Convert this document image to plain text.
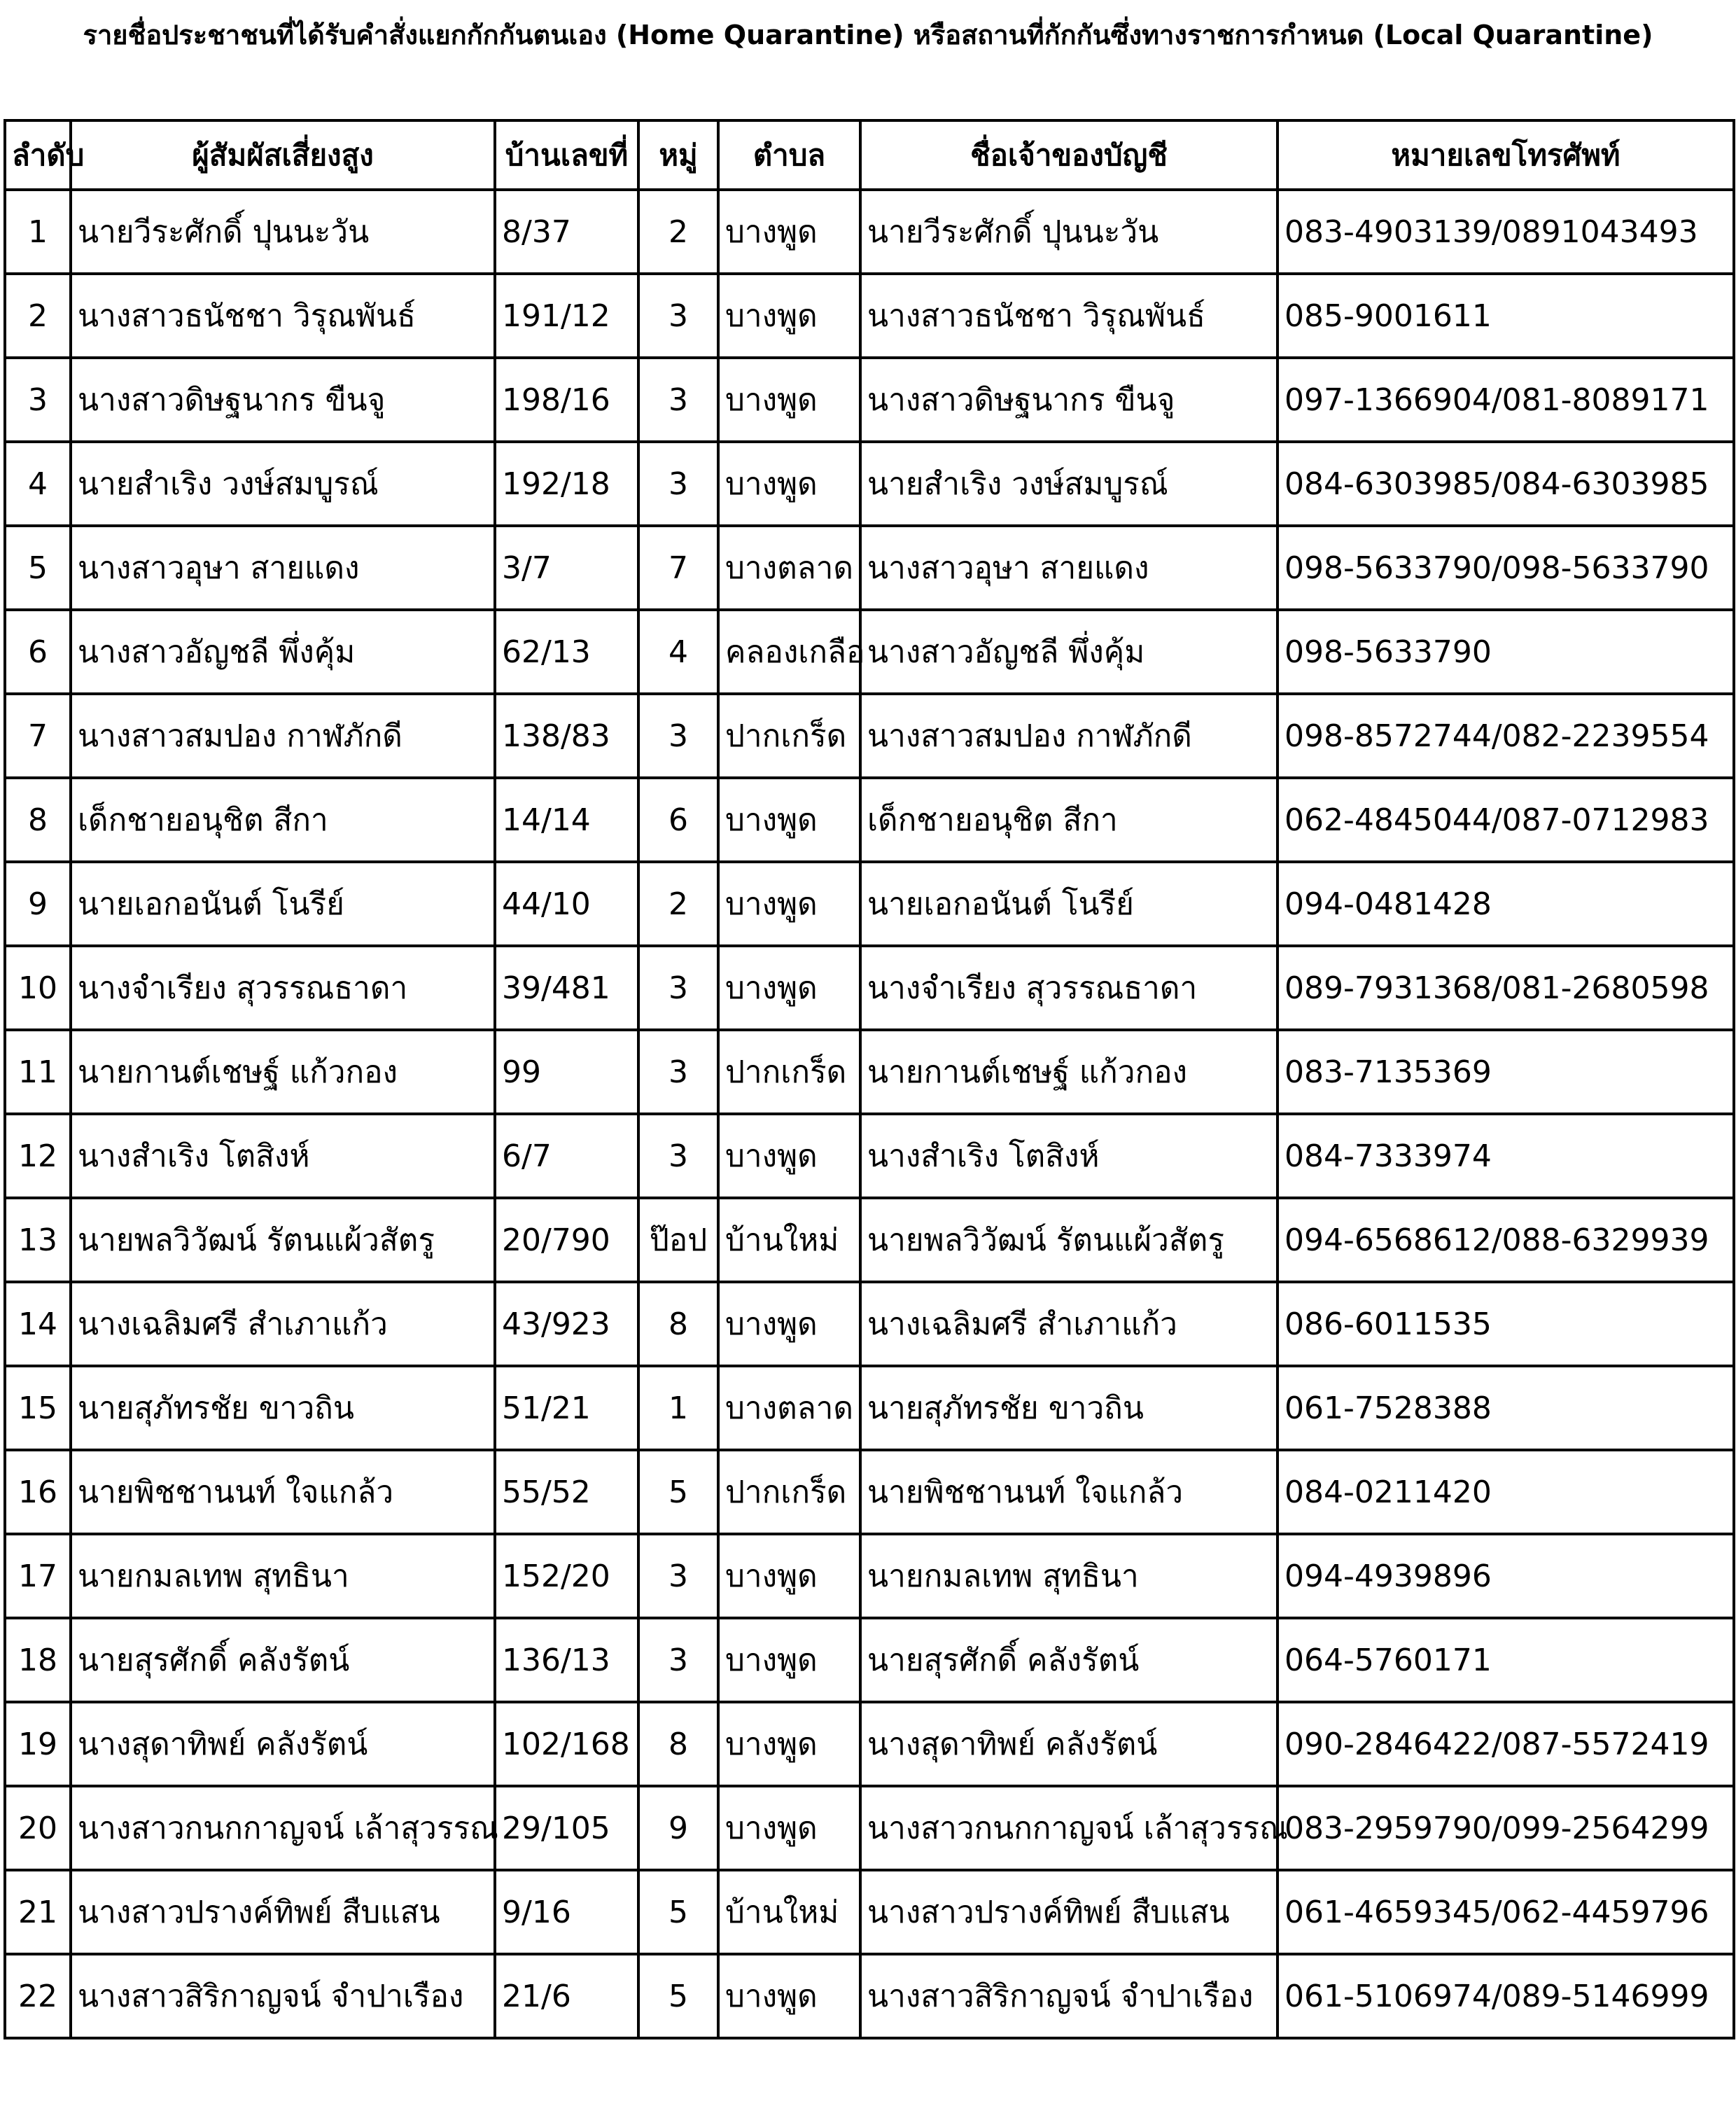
รายชื่อประชาชนที่ได้รับคำสั่งแยกกักกันตนเอง (Home Quarantine) หรือสถานที่กักกันซึ่งทางราชการกำหนด (Local Quarantine)
ลำดับ	ผู้สัมผัสเสี่ยงสูง	บ้านเลขที่	หมู่	ตำบล	ชื่อเจ้าของบัญชี	หมายเลขโทรศัพท์
1	นายวีระศักดิ์ ปุนนะวัน	8/37	2	บางพูด	นายวีระศักดิ์ ปุนนะวัน	083-4903139/0891043493
2	นางสาวธนัชชา วิรุณพันธ์	191/12	3	บางพูด	นางสาวธนัชชา วิรุณพันธ์	085-9001611
3	นางสาวดิษฐนากร ขืนจู	198/16	3	บางพูด	นางสาวดิษฐนากร ขืนจู	097-1366904/081-8089171
4	นายสำเริง วงษ์สมบูรณ์	192/18	3	บางพูด	นายสำเริง วงษ์สมบูรณ์	084-6303985/084-6303985
5	นางสาวอุษา สายแดง	3/7	7	บางตลาด	นางสาวอุษา สายแดง	098-5633790/098-5633790
6	นางสาวอัญชลี พึ่งคุ้ม	62/13	4	คลองเกลือ	นางสาวอัญชลี พึ่งคุ้ม	098-5633790
7	นางสาวสมปอง กาฬภักดี	138/83	3	ปากเกร็ด	นางสาวสมปอง กาฬภักดี	098-8572744/082-2239554
8	เด็กชายอนุชิต สีกา	14/14	6	บางพูด	เด็กชายอนุชิต สีกา	062-4845044/087-0712983
9	นายเอกอนันต์ โนรีย์	44/10	2	บางพูด	นายเอกอนันต์ โนรีย์	094-0481428
10	นางจำเรียง สุวรรณธาดา	39/481	3	บางพูด	นางจำเรียง สุวรรณธาดา	089-7931368/081-2680598
11	นายกานต์เชษฐ์ แก้วกอง	99	3	ปากเกร็ด	นายกานต์เชษฐ์ แก้วกอง	083-7135369
12	นางสำเริง โตสิงห์	6/7	3	บางพูด	นางสำเริง โตสิงห์	084-7333974
13	นายพลวิวัฒน์ รัตนแผ้วสัตรู	20/790	ป๊อป	บ้านใหม่	นายพลวิวัฒน์ รัตนแผ้วสัตรู	094-6568612/088-6329939
14	นางเฉลิมศรี สำเภาแก้ว	43/923	8	บางพูด	นางเฉลิมศรี สำเภาแก้ว	086-6011535
15	นายสุภัทรชัย ขาวถิน	51/21	1	บางตลาด	นายสุภัทรชัย ขาวถิน	061-7528388
16	นายพิชชานนท์ ใจแกล้ว	55/52	5	ปากเกร็ด	นายพิชชานนท์ ใจแกล้ว	084-0211420
17	นายกมลเทพ สุทธินา	152/20	3	บางพูด	นายกมลเทพ สุทธินา	094-4939896
18	นายสุรศักดิ์ คลังรัตน์	136/13	3	บางพูด	นายสุรศักดิ์ คลังรัตน์	064-5760171
19	นางสุดาทิพย์ คลังรัตน์	102/168	8	บางพูด	นางสุดาทิพย์ คลังรัตน์	090-2846422/087-5572419
20	นางสาวกนกกาญจน์ เล้าสุวรรณ	29/105	9	บางพูด	นางสาวกนกกาญจน์ เล้าสุวรรณ	083-2959790/099-2564299
21	นางสาวปรางค์ทิพย์ สืบแสน	9/16	5	บ้านใหม่	นางสาวปรางค์ทิพย์ สืบแสน	061-4659345/062-4459796
22	นางสาวสิริกาญจน์ จำปาเรือง	21/6	5	บางพูด	นางสาวสิริกาญจน์ จำปาเรือง	061-5106974/089-5146999
